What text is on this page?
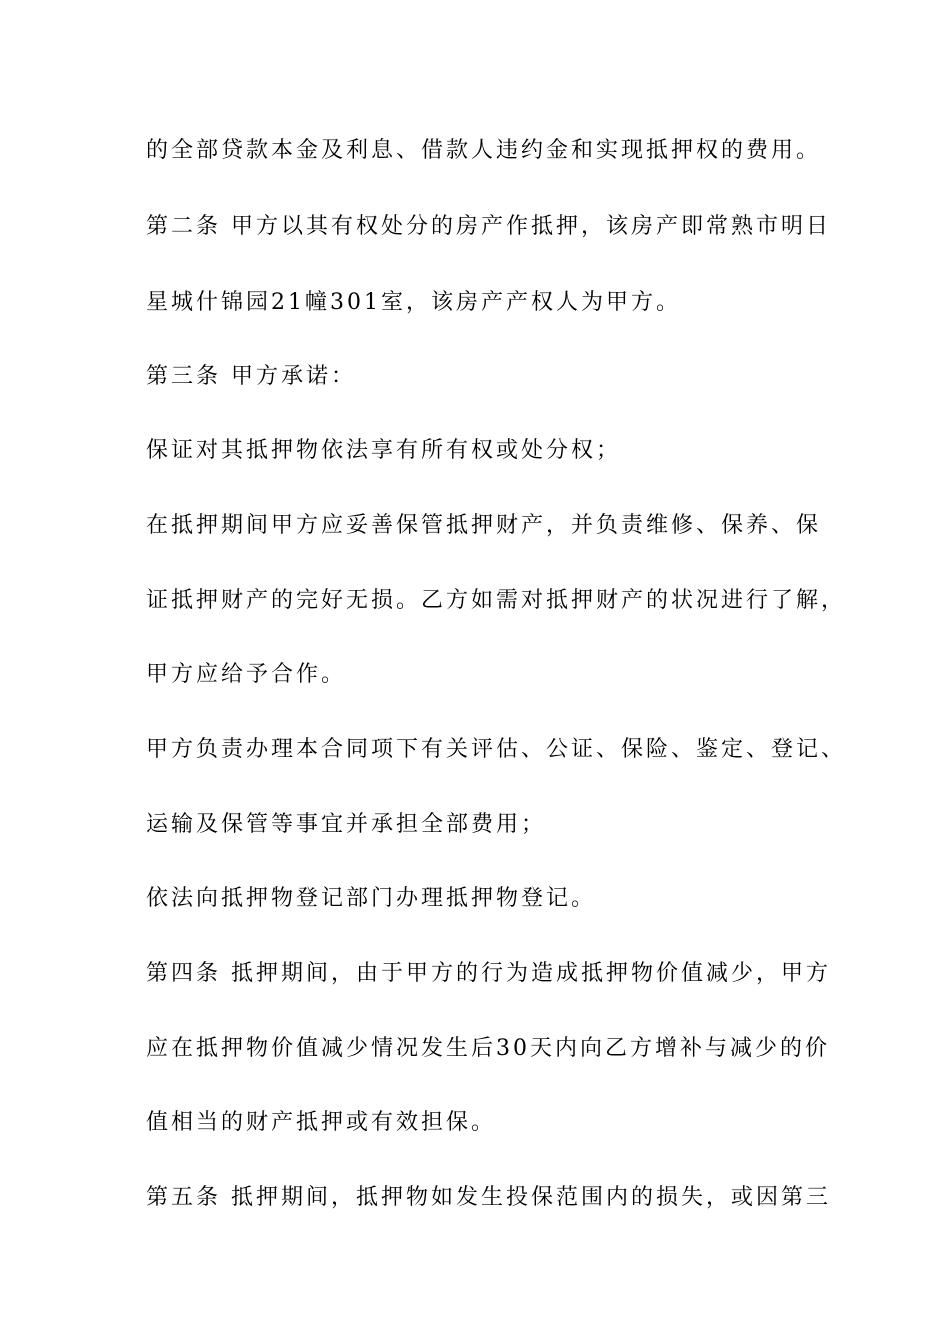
的全部贷款本金及利息、借款人违约金和实现抵押权的费用。
第二条 甲方以其有权处分的房产作抵押，该房产即常熟市明日
星城什锦园21幢301室，该房产产权人为甲方。
第三条 甲方承诺：
保证对其抵押物依法享有所有权或处分权；
在抵押期间甲方应妥善保管抵押财产，并负责维修、保养、保
证抵押财产的完好无损。乙方如需对抵押财产的状况进行了解，
甲方应给予合作。
甲方负责办理本合同项下有关评估、公证、保险、鉴定、登记、
运输及保管等事宜并承担全部费用；
依法向抵押物登记部门办理抵押物登记。
第四条 抵押期间，由于甲方的行为造成抵押物价值减少，甲方
应在抵押物价值减少情况发生后30天内向乙方增补与减少的价
值相当的财产抵押或有效担保。
第五条 抵押期间，抵押物如发生投保范围内的损失，或因第三
